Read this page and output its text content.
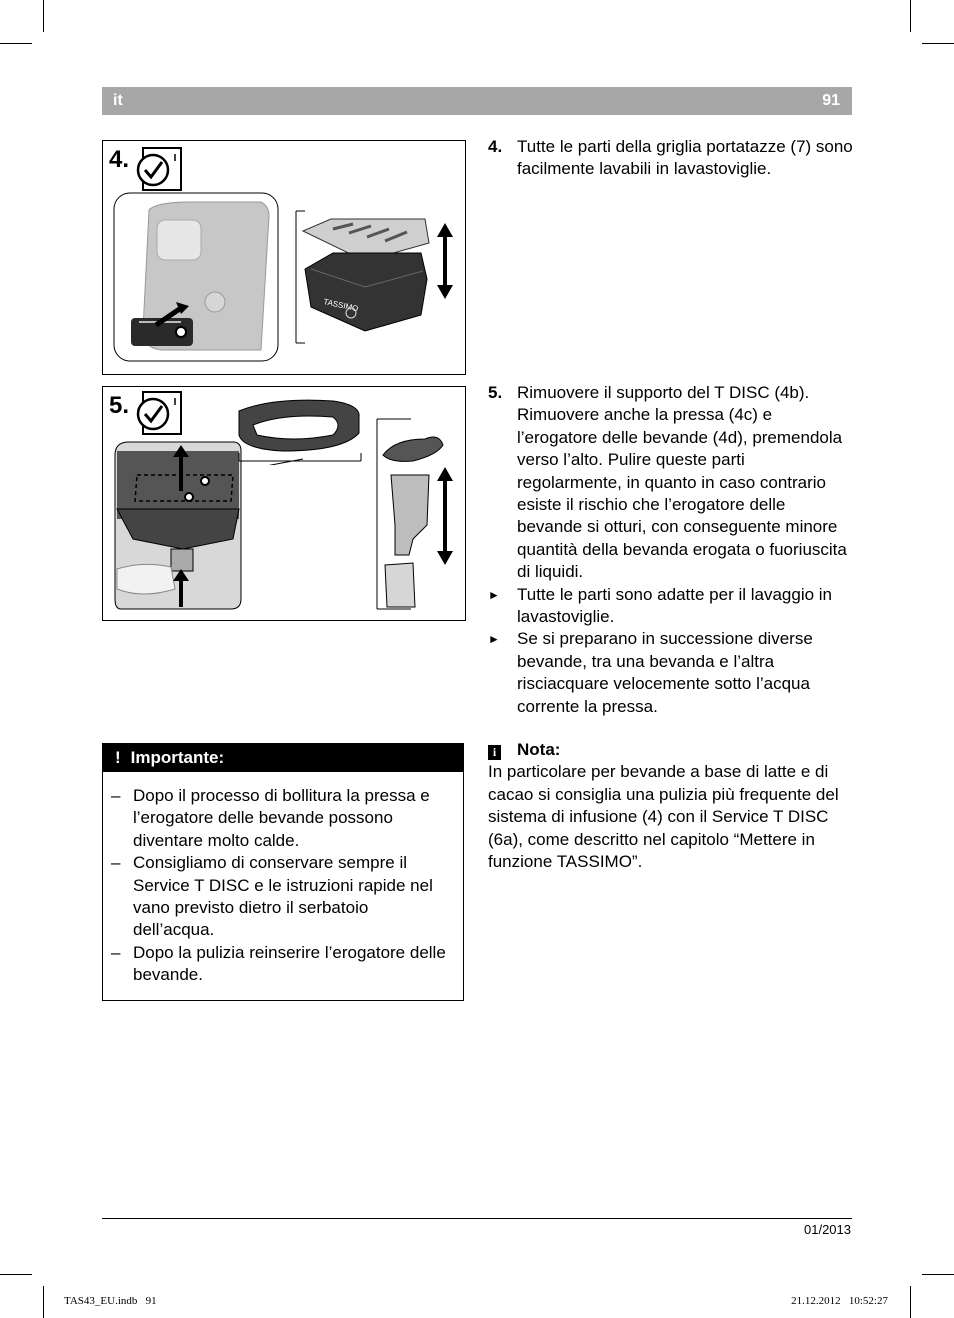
it	91
4.
TASSIMO
5.
4. Tutte le parti della griglia portatazze (7) sono facilmente lavabili in lavastoviglie.
5. Rimuovere il supporto del T DISC (4b). Rimuovere anche la pressa (4c) e l’erogatore delle bevande (4d), premendola verso l’alto. Pulire queste parti regolarmente, in quanto in caso contrario esiste il rischio che l’erogatore delle bevande si otturi, con conseguente minore quantità della bevanda erogata o fuoriuscita di liquidi.
► Tutte le parti sono adatte per il lavaggio in lavastoviglie.
► Se si preparano in successione diverse bevande, tra una bevanda e l’altra risciacquare velocemente sotto l’acqua corrente la pressa.
i Nota:
In particolare per bevande a base di latte e di cacao si consiglia una pulizia più frequente del sistema di infusione (4) con il Service T DISC (6a), come descritto nel capitolo “Mettere in funzione TASSIMO”.
! Importante:
– Dopo il processo di bollitura la pressa e l’erogatore delle bevande possono diventare molto calde.
– Consigliamo di conservare sempre il Service T DISC e le istruzioni rapide nel vano previsto dietro il serbatoio dell’acqua.
– Dopo la pulizia reinserire l’erogatore delle bevande.
01/2013
TAS43_EU.indb   91	21.12.2012   10:52:27
